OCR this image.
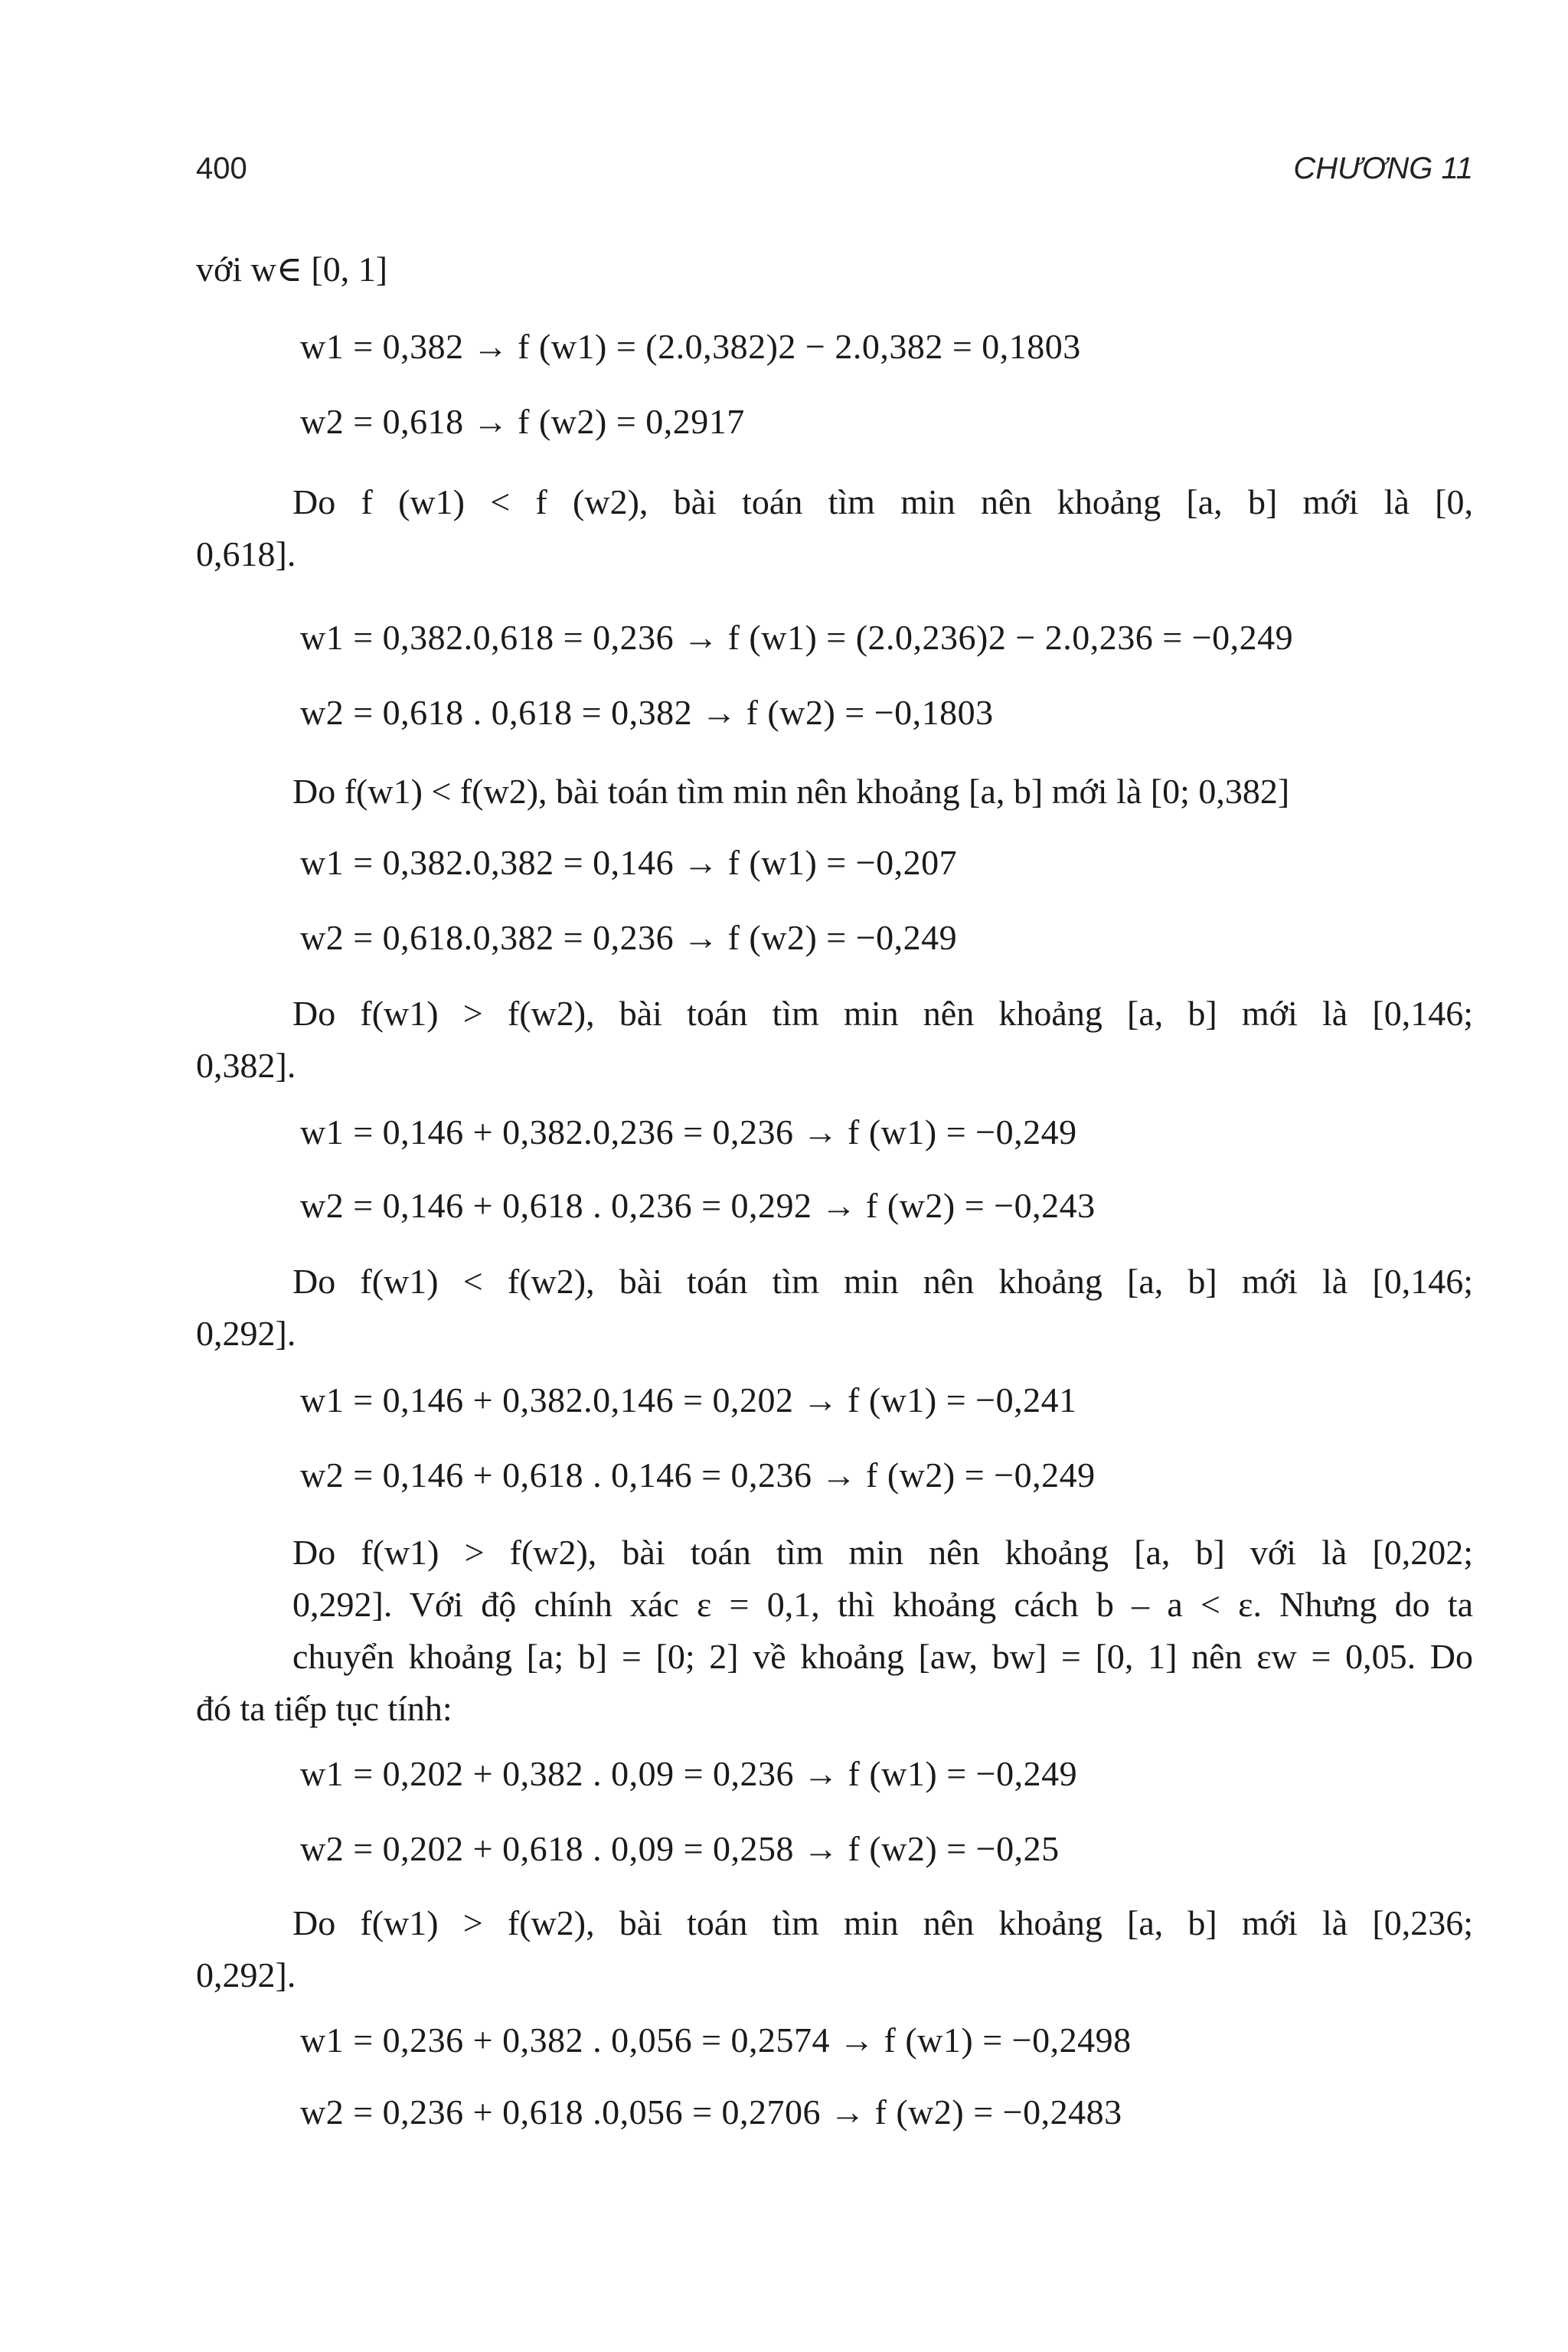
400	CHƯƠNG 11
với w∈ [0, 1]
w1 = 0,382 → f (w1) = (2.0,382)2 − 2.0,382 = 0,1803
w2 = 0,618 → f (w2) = 0,2917
Do f (w1) < f (w2), bài toán tìm min nên khoảng [a, b] mới là [0,
0,618].
w1 = 0,382.0,618 = 0,236 → f (w1) = (2.0,236)2 − 2.0,236 = −0,249
w2 = 0,618 . 0,618 = 0,382 → f (w2) = −0,1803
Do f(w1) < f(w2), bài toán tìm min nên khoảng [a, b] mới là [0; 0,382]
w1 = 0,382.0,382 = 0,146 → f (w1) = −0,207
w2 = 0,618.0,382 = 0,236 → f (w2) = −0,249
Do f(w1) > f(w2), bài toán tìm min nên khoảng [a, b] mới là [0,146;
0,382].
w1 = 0,146 + 0,382.0,236 = 0,236 → f (w1) = −0,249
w2 = 0,146 + 0,618 . 0,236 = 0,292 → f (w2) = −0,243
Do f(w1) < f(w2), bài toán tìm min nên khoảng [a, b] mới là [0,146;
0,292].
w1 = 0,146 + 0,382.0,146 = 0,202 → f (w1) = −0,241
w2 = 0,146 + 0,618 . 0,146 = 0,236 → f (w2) = −0,249
Do f(w1) > f(w2), bài toán tìm min nên khoảng [a, b] với là [0,202;
0,292]. Với độ chính xác ε = 0,1, thì khoảng cách b – a < ε. Nhưng do ta
chuyển khoảng [a; b] = [0; 2] về khoảng [aw, bw] = [0, 1] nên εw = 0,05. Do
đó ta tiếp tục tính:
w1 = 0,202 + 0,382 . 0,09 = 0,236 → f (w1) = −0,249
w2 = 0,202 + 0,618 . 0,09 = 0,258 → f (w2) = −0,25
Do f(w1) > f(w2), bài toán tìm min nên khoảng [a, b] mới là [0,236;
0,292].
w1 = 0,236 + 0,382 . 0,056 = 0,2574 → f (w1) = −0,2498
w2 = 0,236 + 0,618 .0,056 = 0,2706 → f (w2) = −0,2483
